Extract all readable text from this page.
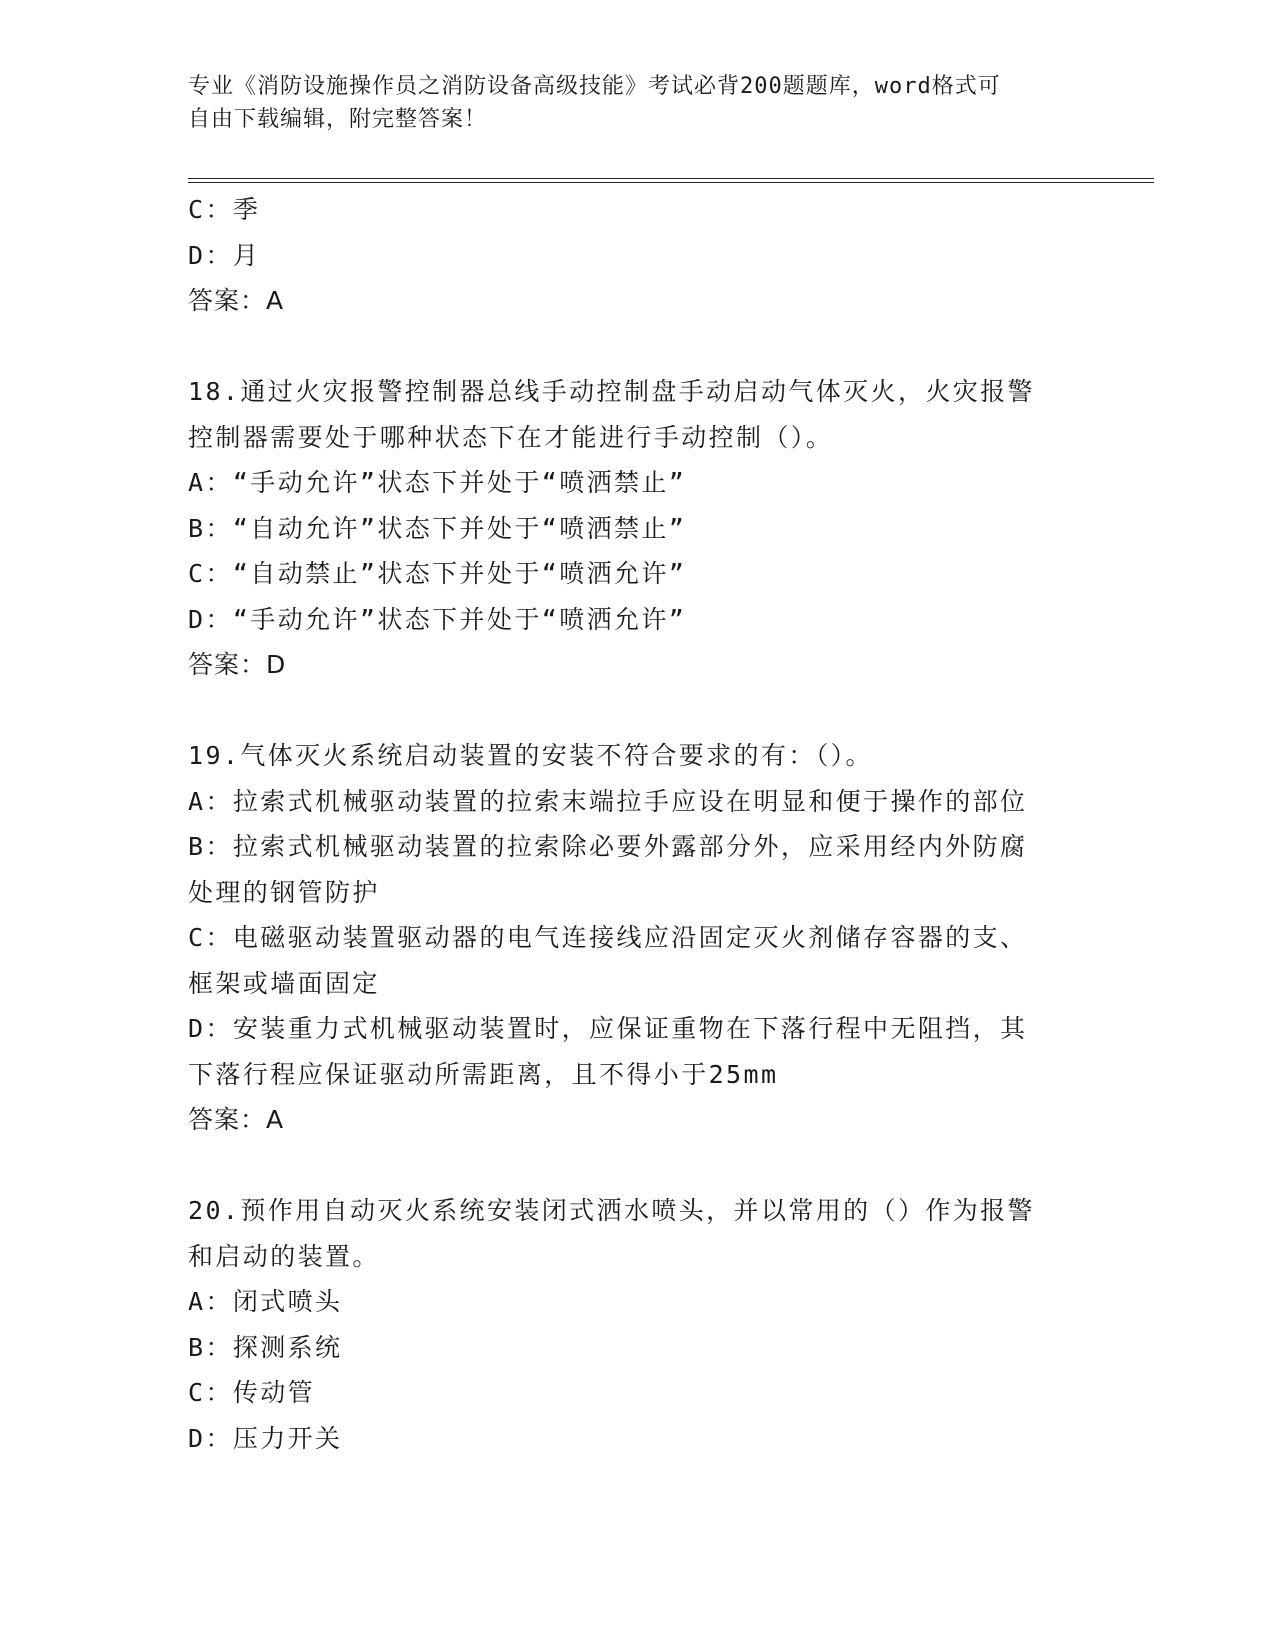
专业《消防设施操作员之消防设备高级技能》考试必背200题题库，word格式可
自由下载编辑，附完整答案！
C：季
D：月
答案：A
18.通过火灾报警控制器总线手动控制盘手动启动气体灭火，火灾报警
控制器需要处于哪种状态下在才能进行手动控制（）。
A：“手动允许”状态下并处于“喷洒禁止”
B：“自动允许”状态下并处于“喷洒禁止”
C：“自动禁止”状态下并处于“喷洒允许”
D：“手动允许”状态下并处于“喷洒允许”
答案：D
19.气体灭火系统启动装置的安装不符合要求的有：（）。
A：拉索式机械驱动装置的拉索末端拉手应设在明显和便于操作的部位
B：拉索式机械驱动装置的拉索除必要外露部分外，应采用经内外防腐
处理的钢管防护
C：电磁驱动装置驱动器的电气连接线应沿固定灭火剂储存容器的支、
框架或墙面固定
D：安装重力式机械驱动装置时，应保证重物在下落行程中无阻挡，其
下落行程应保证驱动所需距离，且不得小于25mm
答案：A
20.预作用自动灭火系统安装闭式洒水喷头，并以常用的（）作为报警
和启动的装置。
A：闭式喷头
B：探测系统
C：传动管
D：压力开关
